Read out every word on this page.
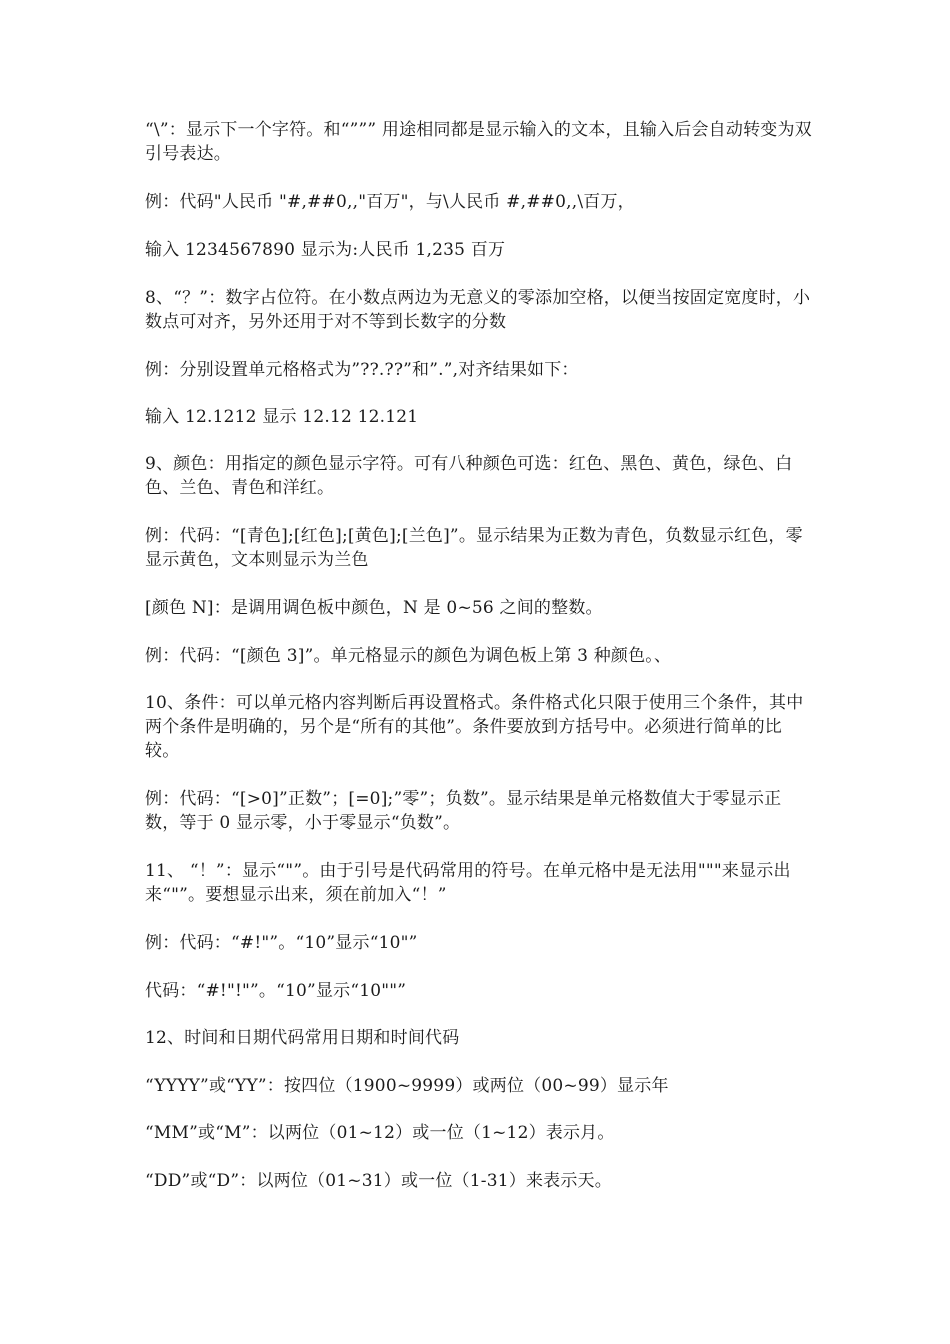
“\”：显示下一个字符。和“””” 用途相同都是显示输入的文本，且输入后会自动转变为双引号表达。

例：代码"人民币 "#,##0,,"百万"，与\人民币 #,##0,,\百万，

输入 1234567890 显示为:人民币 1,235 百万

8、“？”：数字占位符。在小数点两边为无意义的零添加空格，以便当按固定宽度时，小数点可对齐，另外还用于对不等到长数字的分数

例：分别设置单元格格式为”??.??”和”.”,对齐结果如下：

输入 12.1212 显示 12.12 12.121

9、颜色：用指定的颜色显示字符。可有八种颜色可选：红色、黑色、黄色，绿色、白色、兰色、青色和洋红。

例：代码：“[青色];[红色];[黄色];[兰色]”。显示结果为正数为青色，负数显示红色，零显示黄色，文本则显示为兰色

[颜色 N]：是调用调色板中颜色，N 是 0~56 之间的整数。

例：代码：“[颜色 3]”。单元格显示的颜色为调色板上第 3 种颜色。、

10、条件：可以单元格内容判断后再设置格式。条件格式化只限于使用三个条件，其中两个条件是明确的，另个是“所有的其他”。条件要放到方括号中。必须进行简单的比较。

例：代码：“[>0]”正数”；[=0];”零”；负数”。显示结果是单元格数值大于零显示正数，等于 0 显示零，小于零显示“负数”。

11、 “！”：显示“"”。由于引号是代码常用的符号。在单元格中是无法用"""来显示出来“"”。要想显示出来，须在前加入“！”

例：代码：“#!"”。“10”显示“10"”

代码：“#!"!"”。“10”显示“10""”

12、时间和日期代码常用日期和时间代码

“YYYY”或“YY”：按四位（1900~9999）或两位（00~99）显示年

“MM”或“M”：以两位（01~12）或一位（1~12）表示月。

“DD”或“D”：以两位（01~31）或一位（1-31）来表示天。
